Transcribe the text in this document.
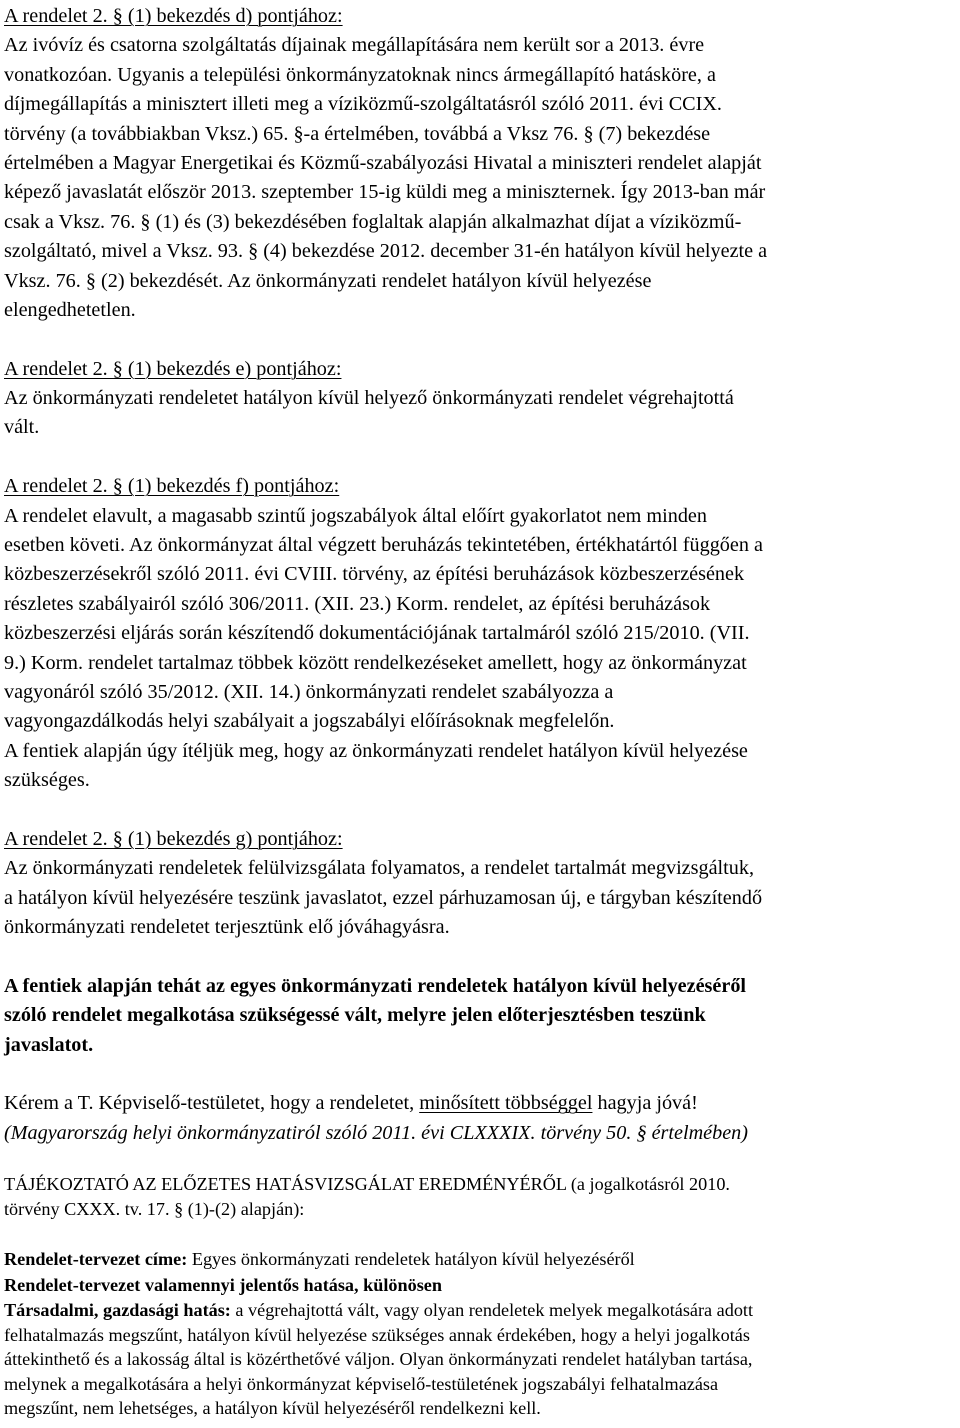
A rendelet 2. § (1) bekezdés d) pontjához:
Az ivóvíz és csatorna szolgáltatás díjainak megállapítására nem került sor a 2013. évre
vonatkozóan. Ugyanis a települési önkormányzatoknak nincs ármegállapító hatásköre, a
díjmegállapítás a minisztert illeti meg a víziközmű-szolgáltatásról szóló 2011. évi CCIX.
törvény (a továbbiakban Vksz.) 65. §-a értelmében, továbbá a Vksz 76. § (7) bekezdése
értelmében a Magyar Energetikai és Közmű-szabályozási Hivatal a miniszteri rendelet alapját
képező javaslatát először 2013. szeptember 15-ig küldi meg a miniszternek. Így 2013-ban már
csak a Vksz. 76. § (1) és (3) bekezdésében foglaltak alapján alkalmazhat díjat a víziközmű-
szolgáltató, mivel a Vksz. 93. § (4) bekezdése 2012. december 31-én hatályon kívül helyezte a
Vksz. 76. § (2) bekezdését. Az önkormányzati rendelet hatályon kívül helyezése
elengedhetetlen.
A rendelet 2. § (1) bekezdés e) pontjához:
Az önkormányzati rendeletet hatályon kívül helyező önkormányzati rendelet végrehajtottá
vált.
A rendelet 2. § (1) bekezdés f) pontjához:
A rendelet elavult, a magasabb szintű jogszabályok által előírt gyakorlatot nem minden
esetben követi. Az önkormányzat által végzett beruházás tekintetében, értékhatártól függően a
közbeszerzésekről szóló 2011. évi CVIII. törvény, az építési beruházások közbeszerzésének
részletes szabályairól szóló 306/2011. (XII. 23.) Korm. rendelet, az építési beruházások
közbeszerzési eljárás során készítendő dokumentációjának tartalmáról szóló 215/2010. (VII.
9.) Korm. rendelet tartalmaz többek között rendelkezéseket amellett, hogy az önkormányzat
vagyonáról szóló 35/2012. (XII. 14.) önkormányzati rendelet szabályozza a
vagyongazdálkodás helyi szabályait a jogszabályi előírásoknak megfelelőn.
A fentiek alapján úgy ítéljük meg, hogy az önkormányzati rendelet hatályon kívül helyezése
szükséges.
A rendelet 2. § (1) bekezdés g) pontjához:
Az önkormányzati rendeletek felülvizsgálata folyamatos, a rendelet tartalmát megvizsgáltuk,
a hatályon kívül helyezésére teszünk javaslatot, ezzel párhuzamosan új, e tárgyban készítendő
önkormányzati rendeletet terjesztünk elő jóváhagyásra.
A fentiek alapján tehát az egyes önkormányzati rendeletek hatályon kívül helyezéséről
szóló rendelet megalkotása szükségessé vált, melyre jelen előterjesztésben teszünk
javaslatot.
Kérem a T. Képviselő-testületet, hogy a rendeletet, minősített többséggel hagyja jóvá!
(Magyarország helyi önkormányzatiról szóló 2011. évi CLXXXIX. törvény 50. § értelmében)
TÁJÉKOZTATÓ AZ ELŐZETES HATÁSVIZSGÁLAT EREDMÉNYÉRŐL (a jogalkotásról 2010.
törvény CXXX. tv. 17. § (1)-(2) alapján):
Rendelet-tervezet címe: Egyes önkormányzati rendeletek hatályon kívül helyezéséről
Rendelet-tervezet valamennyi jelentős hatása, különösen
Társadalmi, gazdasági hatás: a végrehajtottá vált, vagy olyan rendeletek melyek megalkotására adott
felhatalmazás megszűnt, hatályon kívül helyezése szükséges annak érdekében, hogy a helyi jogalkotás
áttekinthető és a lakosság által is közérthetővé váljon. Olyan önkormányzati rendelet hatályban tartása,
melynek a megalkotására a helyi önkormányzat képviselő-testületének jogszabályi felhatalmazása
megszűnt, nem lehetséges, a hatályon kívül helyezéséről rendelkezni kell.
